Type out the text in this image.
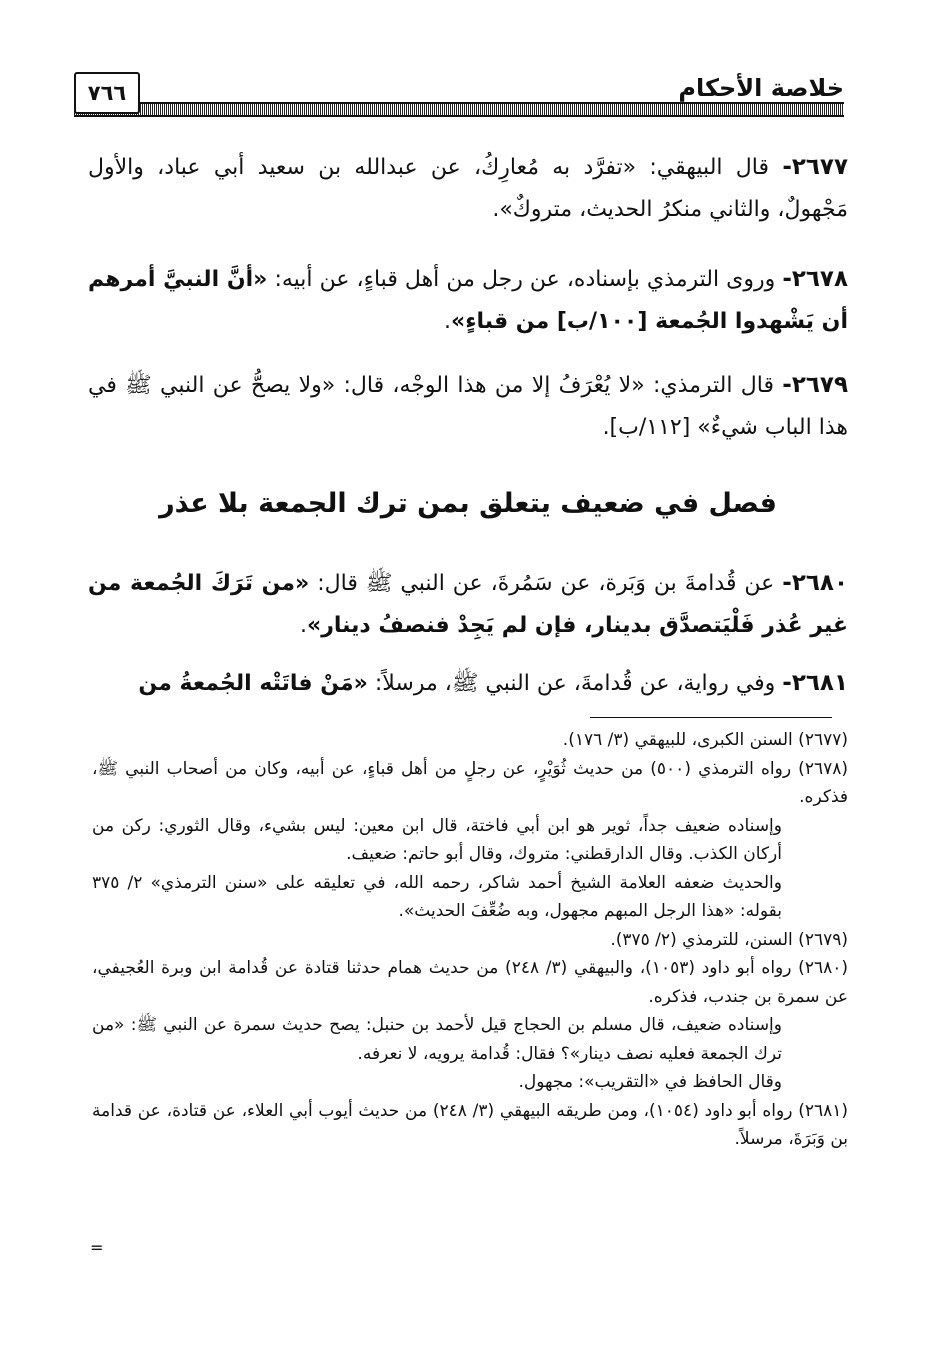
٧٦٦	خلاصة الأحكام
٢٦٧٧- قال البيهقي: «تفرَّد به مُعارِكُ، عن عبدالله بن سعيد أبي عباد، والأول مَجْهولٌ، والثاني منكرُ الحديث، متروكٌ».
٢٦٧٨- وروى الترمذي بإسناده، عن رجل من أهل قباءٍ، عن أبيه: «أنَّ النبيَّ أمرهم أن يَشْهدوا الجُمعة [١٠٠/ب] من قباءٍ».
٢٦٧٩- قال الترمذي: «لا يُعْرَفُ إلا من هذا الوجْه، قال: «ولا يصحُّ عن النبي ﷺ في هذا الباب شيءٌ» [١١٢/ب].
فصل في ضعيف يتعلق بمن ترك الجمعة بلا عذر
٢٦٨٠- عن قُدامةَ بن وَبَرة، عن سَمُرةَ، عن النبي ﷺ قال: «من تَرَكَ الجُمعة من غير عُذر فَلْيَتصدَّق بدينار، فإن لم يَجِدْ فنصفُ دينار».
٢٦٨١- وفي رواية، عن قُدامةَ، عن النبي ﷺ، مرسلاً: «مَنْ فاتَتْه الجُمعةُ من

(٢٦٧٧) السنن الكبرى، للبيهقي (٣/ ١٧٦).

(٢٦٧٨) رواه الترمذي (٥٠٠) من حديث ثُوَيْرٍ، عن رجلٍ من أهل قباءٍ، عن أبيه، وكان من أصحاب النبي ﷺ، فذكره.

وإسناده ضعيف جداً، ثوير هو ابن أبي فاختة، قال ابن معين: ليس بشيء، وقال الثوري: ركن من أركان الكذب. وقال الدارقطني: متروك، وقال أبو حاتم: ضعيف.

والحديث ضعفه العلامة الشيخ أحمد شاكر، رحمه الله، في تعليقه على «سنن الترمذي» ٢/ ٣٧٥ بقوله: «هذا الرجل المبهم مجهول، وبه ضُعِّفَ الحديث».

(٢٦٧٩) السنن، للترمذي (٢/ ٣٧٥).

(٢٦٨٠) رواه أبو داود (١٠٥٣)، والبيهقي (٣/ ٢٤٨) من حديث همام حدثنا قتادة عن قُدامة ابن وبرة العُجيفي، عن سمرة بن جندب، فذكره.

وإسناده ضعيف، قال مسلم بن الحجاج قيل لأحمد بن حنبل: يصح حديث سمرة عن النبي ﷺ: «من ترك الجمعة فعليه نصف دينار»؟ فقال: قُدامة يرويه، لا نعرفه.

وقال الحافظ في «التقريب»: مجهول.

(٢٦٨١) رواه أبو داود (١٠٥٤)، ومن طريقه البيهقي (٣/ ٢٤٨) من حديث أيوب أبي العلاء، عن قتادة، عن قدامة بن وَبَرَةَ، مرسلاً.

=
